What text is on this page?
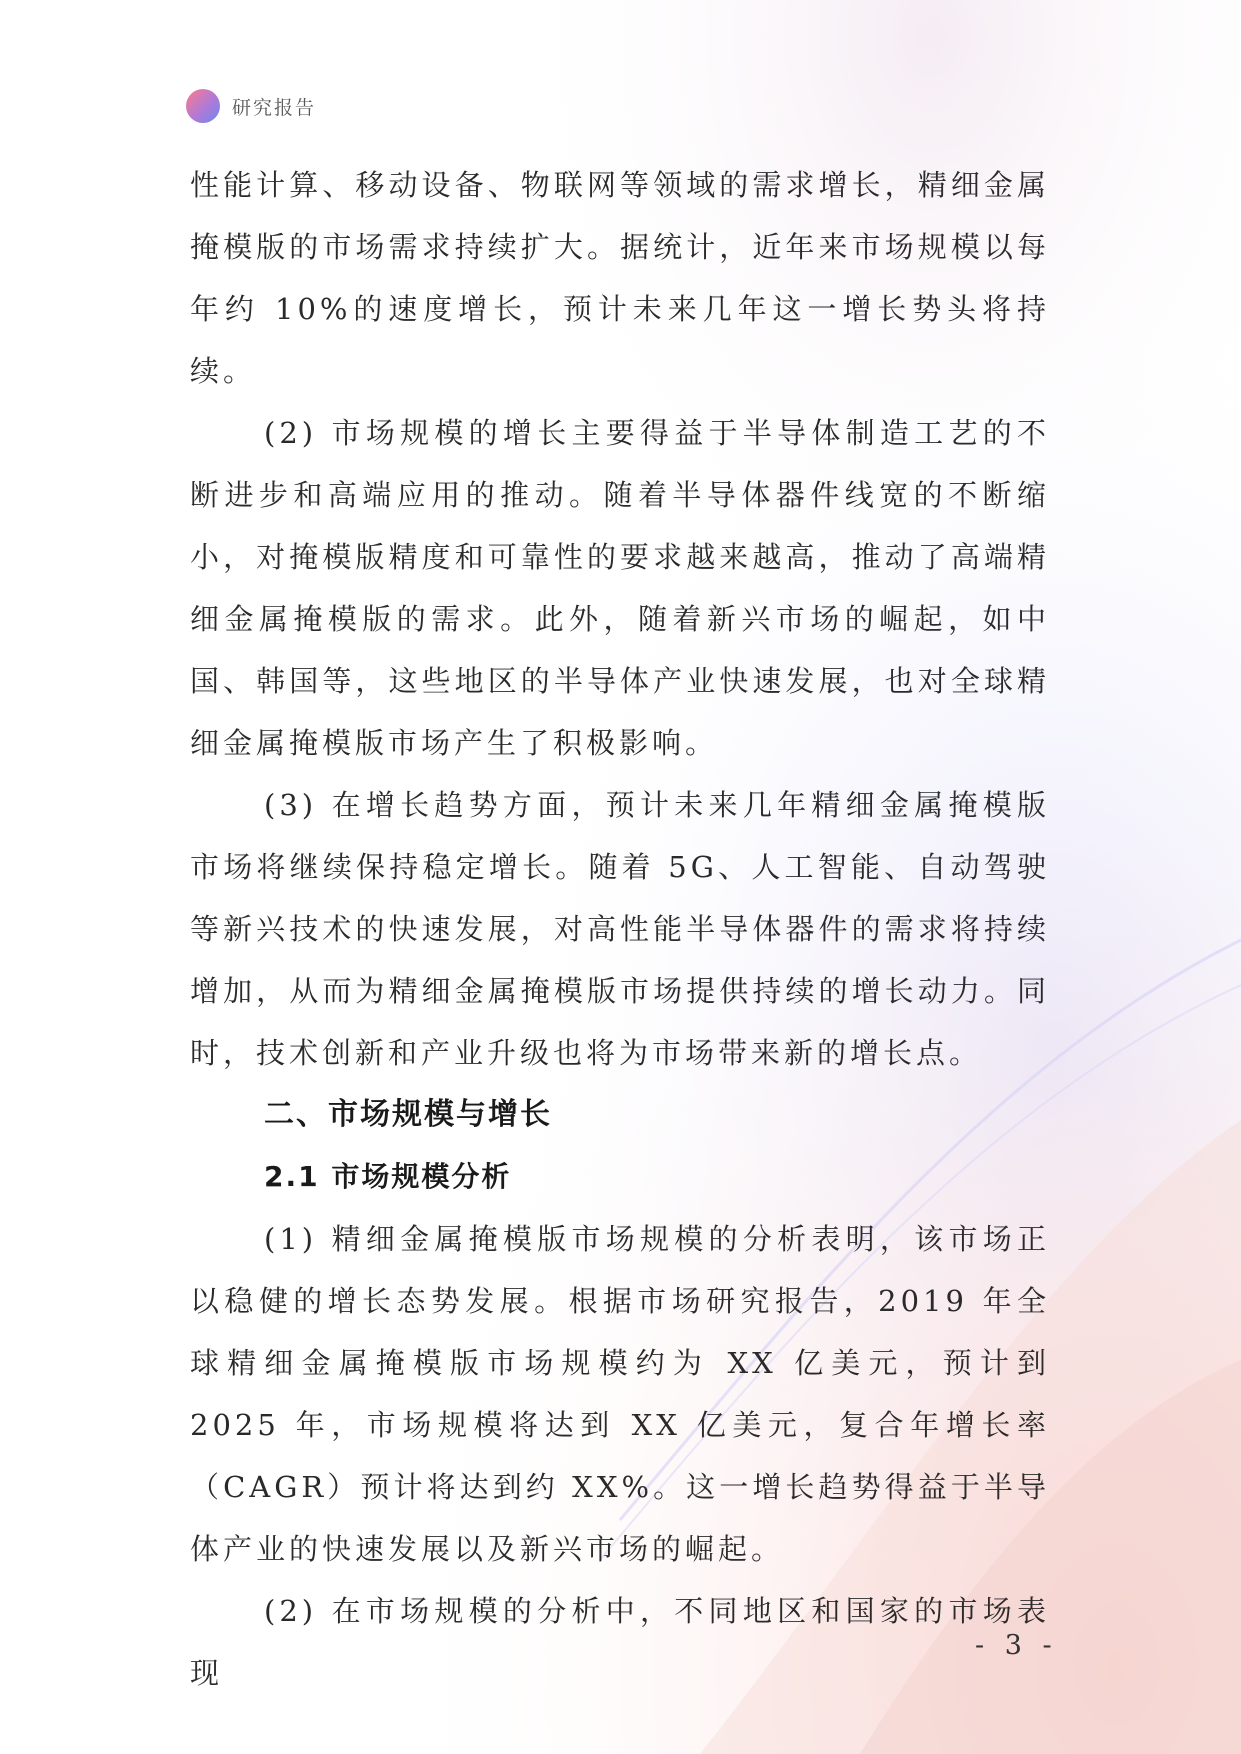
研究报告

性能计算、移动设备、物联网等领域的需求增长，精细金属掩模版的市场需求持续扩大。据统计，近年来市场规模以每年约 10%的速度增长，预计未来几年这一增长势头将持续。

(2) 市场规模的增长主要得益于半导体制造工艺的不断进步和高端应用的推动。随着半导体器件线宽的不断缩小，对掩模版精度和可靠性的要求越来越高，推动了高端精细金属掩模版的需求。此外，随着新兴市场的崛起，如中国、韩国等，这些地区的半导体产业快速发展，也对全球精细金属掩模版市场产生了积极影响。

(3) 在增长趋势方面，预计未来几年精细金属掩模版市场将继续保持稳定增长。随着 5G、人工智能、自动驾驶等新兴技术的快速发展，对高性能半导体器件的需求将持续增加，从而为精细金属掩模版市场提供持续的增长动力。同时，技术创新和产业升级也将为市场带来新的增长点。

二、市场规模与增长
2.1 市场规模分析

(1) 精细金属掩模版市场规模的分析表明，该市场正以稳健的增长态势发展。根据市场研究报告，2019 年全球精细金属掩模版市场规模约为 XX 亿美元，预计到 2025 年，市场规模将达到 XX 亿美元，复合年增长率（CAGR）预计将达到约 XX%。这一增长趋势得益于半导体产业的快速发展以及新兴市场的崛起。

(2) 在市场规模的分析中，不同地区和国家的市场表现

- 3 -
